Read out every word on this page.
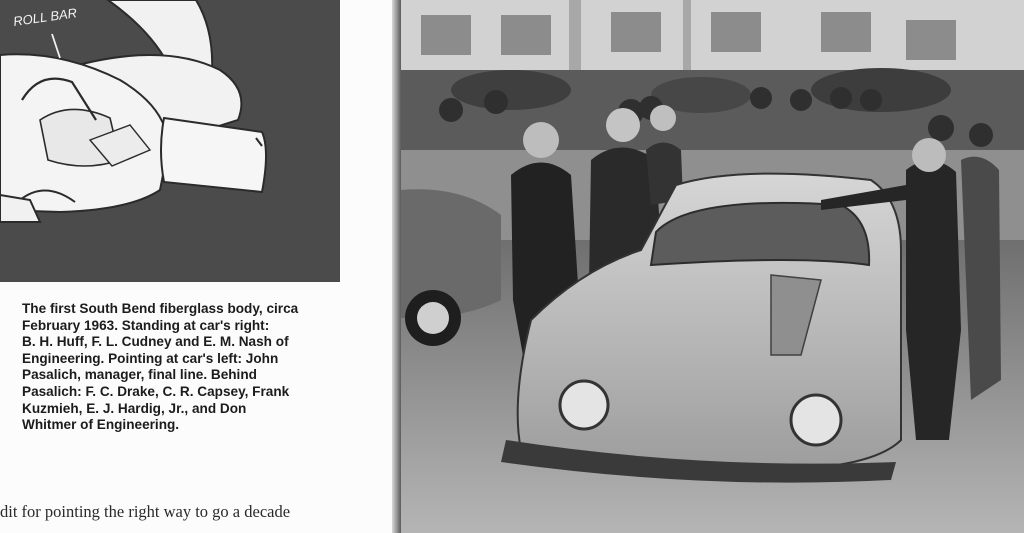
ROLL BAR
The first South Bend fiberglass body, circa
February 1963. Standing at car's right:
B. H. Huff, F. L. Cudney and E. M. Nash of
Engineering. Pointing at car's left: John
Pasalich, manager, final line. Behind
Pasalich: F. C. Drake, C. R. Capsey, Frank
Kuzmieh, E. J. Hardig, Jr., and Don
Whitmer of Engineering.
dit for pointing the right way to go a decade
